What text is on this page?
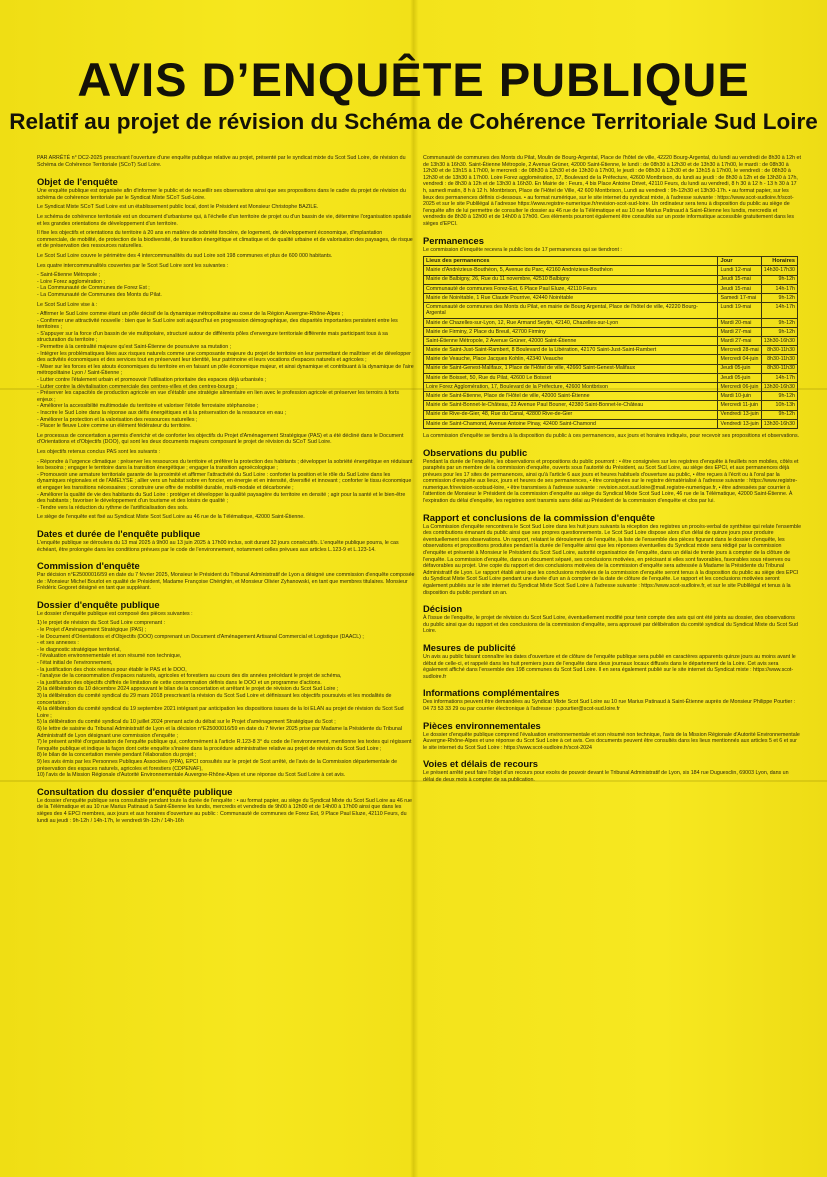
AVIS D’ENQUÊTE PUBLIQUE
Relatif au projet de révision du Schéma de Cohérence Territoriale Sud Loire

PAR ARRÊTÉ n° DC2-2025 prescrivant l'ouverture d'une enquête publique relative au projet, présenté par le syndicat mixte du Scot Sud Loire, de révision du Schéma de Cohérence Territoriale (SCoT) Sud Loire.

Objet de l'enquête

Une enquête publique est organisée afin d'informer le public et de recueillir ses observations ainsi que ses propositions dans le cadre du projet de révision du schéma de cohérence territoriale par le Syndicat Mixte SCoT Sud-Loire.

Le Syndicat Mixte SCoT Sud Loire est un établissement public local, dont le Président est Monsieur Christophe BAZILE.

Le schéma de cohérence territoriale est un document d'urbanisme qui, à l'échelle d'un territoire de projet ou d'un bassin de vie, détermine l'organisation spatiale et les grandes orientations de développement d'un territoire.

Il fixe les objectifs et orientations du territoire à 20 ans en matière de sobriété foncière, de logement, de développement économique, d'implantation commerciale, de mobilité, de protection de la biodiversité, de transition énergétique et climatique et de qualité urbaine et de valorisation des paysages, de risque et de préservation des ressources naturelles.

Le Scot Sud Loire couvre le périmètre des 4 intercommunalités du sud Loire soit 198 communes et plus de 600 000 habitants.

Les quatre intercommunalités couvertes par le Scot Sud Loire sont les suivantes :

- Saint-Étienne Métropole ;
- Loire Forez agglomération ;
- La Communauté de Communes de Forez Est ;
- La Communauté de Communes des Monts du Pilat.

Le Scot Sud Loire vise à :

- Affirmer le Sud Loire comme étant un pôle décisif de la dynamique métropolitaine au coeur de la Région Auvergne-Rhône-Alpes ;
- Confirmer une attractivité nouvelle : bien que le Sud Loire soit aujourd'hui en progression démographique, des disparités importantes persistent entre les territoires ;
- S'appuyer sur la force d'un bassin de vie multipolaire, structuré autour de différents pôles d'envergure territoriale différente mais participant tous à sa structuration du territoire ;
- Permettre à la centralité majeure qu'est Saint-Étienne de poursuivre sa mutation ;
- Intégrer les problématiques liées aux risques naturels comme une composante majeure du projet de territoire en leur permettant de maîtriser et de développer des activités économiques et des services tout en préservant leur identité, leur patrimoine et leurs vocations d'espaces naturels et agricoles ;
- Miser sur les forces et les atouts économiques du territoire en en faisant un pôle économique majeur, et ainsi dynamique et contribuant à la dynamique de l'aire métropolitaine Lyon / Saint-Étienne ;
- Lutter contre l'étalement urbain et promouvoir l'utilisation prioritaire des espaces déjà urbanisés ;
- Lutter contre la dévitalisation commerciale des centres-villes et des centres-bourgs ;
- Préserver les capacités de production agricole en vue d'établir une stratégie alimentaire en lien avec le profession agricole et préserver les terroirs à forts enjeux ;
- Améliorer la accessibilité multimodale du territoire et valoriser l'étoile ferroviaire stéphanoise ;
- Inscrire le Sud Loire dans la réponse aux défis énergétiques et à la préservation de la ressource en eau ;
- Améliorer la protection et la valorisation des ressources naturelles ;
- Placer le fleuve Loire comme un élément fédérateur du territoire.

Le processus de concertation a permis d'enrichir et de conforter les objectifs du Projet d'Aménagement Stratégique (PAS) et a été décliné dans le Document d'Orientations et d'Objectifs (DOO), qui sont les deux documents majeurs composant le projet de révision du SCoT Sud Loire.

Les objectifs retenus conclus PAS sont les suivants :

- Répondre à l'urgence climatique : préserver les ressources du territoire et préférer la protection des habitants ; développer la sobriété énergétique en réduisant les besoins ; engager le territoire dans la transition énergétique ; engager la transition agroécologique ;
- Promouvoir une armature territoriale garante de la proximité et affirmer l'attractivité du Sud Loire : conforter la position et le rôle du Sud Loire dans les dynamiques régionales et de l'AMELYSE ; allier vers un habitat sobre en foncier, en énergie et en intensité, diversifié et innovant ; conforter le tissu économique et engager les transitions nécessaires ; construire une offre de mobilité durable, multi-modale et décarbonée ;
- Améliorer la qualité de vie des habitants du Sud Loire : protéger et développer la qualité paysagère du territoire en densité ; agir pour la santé et le bien-être des habitants ; favoriser le développement d'un tourisme et des loisirs de qualité ;
- Tendre vers la réduction du rythme de l'artificialisation des sols.

Le siège de l'enquête est fixé au Syndicat Mixte Scot Sud Loire au 46 rue de la Télématique, 42000 Saint-Étienne.

Dates et durée de l'enquête publique

L'enquête publique se déroulera du 13 mai 2025 à 9h00 au 13 juin 2025 à 17h00 inclus, soit durant 32 jours consécutifs. L'enquête publique pourra, le cas échéant, être prolongée dans les conditions prévues par le code de l'environnement, notamment celles prévues aux articles L.123-9 et L.123-14.

Commission d'enquête

Par décision n°E25000016/59 en date du 7 février 2025, Monsieur le Président du Tribunal Administratif de Lyon a désigné une commission d'enquête composée de : Monsieur Michel Bourlot en qualité de Président, Madame Françoise Chérighin, et Monsieur Olivier Zyhanowski, en tant que membres titulaires. Monsieur Frédéric Gogoret désigné en tant que suppléant.

Dossier d'enquête publique

Le dossier d'enquête publique est composé des pièces suivantes :

1) le projet de révision du Scot Sud Loire comprenant :
- le Projet d'Aménagement Stratégique (PAS) ;
- le Document d'Orientations et d'Objectifs (DOO) comprenant un Document d'Aménagement Artisanal Commercial et Logistique (DAACL) ;
- et ses annexes :
- le diagnostic stratégique territorial,
- l'évaluation environnementale et son résumé non technique,
- l'état initial de l'environnement,
- la justification des choix retenus pour établir le PAS et le DOO,
- l'analyse de la consommation d'espaces naturels, agricoles et forestiers au cours des dix années précédant le projet de schéma,
- la justification des objectifs chiffrés de limitation de cette consommation définis dans le DOO et un programme d'actions.
2) la délibération du 10 décembre 2024 approuvant le bilan de la concertation et arrêtant le projet de révision du Scot Sud Loire ;
3) la délibération du comité syndical du 29 mars 2018 prescrivant la révision du Scot Sud Loire et définissant les objectifs poursuivis et les modalités de concertation ;
4) la délibération du comité syndical du 19 septembre 2021 intégrant par anticipation les dispositions issues de la loi ELAN au projet de révision du Scot Sud Loire ;
5) la délibération du comité syndical du 10 juillet 2024 prenant acte du débat sur le Projet d'aménagement Stratégique du Scot ;
6) le lettre de saisine du Tribunal Administratif de Lyon et la décision n°E25000016/59 en date du 7 février 2025 prise par Madame la Présidente du Tribunal Administratif de Lyon désignant une commission d'enquête ;
7) le présent arrêté d'organisation de l'enquête publique qui, conformément à l'article R.123-8 3° du code de l'environnement, mentionne les textes qui régissent l'enquête publique et indique la façon dont cette enquête s'insère dans la procédure administrative relative au projet de révision du Scot Sud Loire ;
8) le bilan de la concertation menée pendant l'élaboration du projet ;
9) les avis émis par les Personnes Publiques Associées (PPA), EPCI consultés sur le projet de Scot arrêté, de l'avis de la Commission départementale de préservation des espaces naturels, agricoles et forestiers (CDPENAF),
10) l'avis de la Mission Régionale d'Autorité Environnementale Auvergne-Rhône-Alpes et une réponse du Scot Sud Loire à cet avis.
Consultation du dossier d'enquête publique

Le dossier d'enquête publique sera consultable pendant toute la durée de l'enquête : • au format papier, au siège du Syndicat Mixte du Scot Sud Loire au 46 rue de la Télématique et au 10 rue Marius Patinaud à Saint-Étienne les lundis, mercredis et vendredis de 9h00 à 12h00 et de 14h00 à 17h00 ainsi que dans les sièges des 4 EPCI membres, aux jours et aux horaires d'ouverture au public : Communauté de communes de Forez Est, 9 Place Paul Eluze, 42110 Feurs, du lundi au jeudi : 9h-12h / 14h-17h, le vendredi 9h-12h / 14h-16h

Communauté de communes des Monts du Pilat, Moulin de Bourg-Argental, Place de l'hôtel de ville, 42220 Bourg-Argental, du lundi au vendredi de 8h30 à 12h et de 13h30 à 16h30. Saint-Étienne Métropole, 2 Avenue Grüner, 42000 Saint-Étienne, le lundi : de 08h30 à 12h30 et de 13h30 à 17h00, le mardi : de 08h30 à 12h30 et de 13h15 à 17h00, le mercredi : de 08h30 à 12h30 et de 13h30 à 17h00, le jeudi : de 08h30 à 12h30 et de 13h15 à 17h00, le vendredi : de 08h30 à 12h30 et de 13h30 à 17h00. Loire Forez agglomération, 17, Boulevard de la Préfecture, 42600 Montbrison, du lundi au jeudi : de 8h30 à 12h et de 13h30 à 17h, vendredi : de 8h30 à 12h et de 13h30 à 16h30. En Mairie de : Feurs, 4 bis Place Antoine Drivet, 42110 Feurs, du lundi au vendredi, 8 h 30 à 12 h - 13 h 30 à 17 h, samedi matin, 8 h à 12 h. Montbrison, Place de l'Hôtel de Ville, 42 600 Montbrison, Lundi au vendredi : 9h-12h30 et 13h30-17h. • au format papier, sur les lieux des permanences définis ci-dessous. • au format numérique, sur le site internet du syndicat mixte, à l'adresse suivante : https://www.scot-sudloire.fr/scot-2025 et sur le site Publilégal à l'adresse https://www.registre-numerique.fr/revision-scot-sud-loire. Un ordinateur sera tenu à disposition du public au siège de l'enquête afin de lui permettre de consulter le dossier au 46 rue de la Télématique et au 10 rue Marius Patinaud à Saint-Étienne les lundis, mercredis et vendredis de 8h30 à 12h00 et de 14h00 à 17h00. Ces éléments pourront également être consultés sur un poste informatique accessible gratuitement dans les sièges d'EPCI.

Permanences

Le commission d'enquête recevra le public lors de 17 permanences qui se tiendront :

Lieux des permanences	Jour	Horaires
Mairie d'Andrézieux-Bouthéon, 5, Avenue du Parc, 42160 Andrézieux-Bouthéon	Lundi 12-mai	14h30-17h30
Mairie de Balbigny, 26, Rue du 11 novembre, 42510 Balbigny	Jeudi 15-mai	9h-12h
Communauté de communes Forez-Est, 6 Place Paul Eluze, 42110 Feurs	Jeudi 15-mai	14h-17h
Mairie de Noirétable, 1 Rue Claude Pourrive, 42440 Noirétable	Samedi 17-mai	9h-12h
Communauté de communes des Monts du Pilat, en mairie de Bourg Argental, Place de l'hôtel de ville, 42220 Bourg-Argental	Lundi 19-mai	14h-17h
Mairie de Chazelles-sur-Lyon, 12, Rue Armand Seytin, 42140, Chazelles-sur-Lyon	Mardi 20-mai	9h-12h
Mairie de Firminy, 2 Place du Breuil, 42700 Firminy	Mardi 27-mai	9h-12h
Saint-Étienne Métropole, 2 Avenue Grüner, 42000 Saint-Étienne	Mardi 27-mai	13h30-16h30
Mairie de Saint-Just-Saint-Rambert, 8 Boulevard de la Libération, 42170 Saint-Just-Saint-Rambert	Mercredi 28-mai	8h30-11h30
Mairie de Veauche, Place Jacques Kohlin, 42340 Veauche	Mercredi 04-juin	8h30-11h30
Mairie de Saint-Genest-Malifaux, 1 Place de l'Hôtel de ville, 42660 Saint-Genest-Malifaux	Jeudi 05-juin	8h30-11h30
Mairie de Boisset, 50, Rue du Pilat, 42600 Le Boisset	Jeudi 05-juin	14h-17h
Loire Forez Agglomération, 17, Boulevard de la Préfecture, 42600 Montbrison	Mercredi 06-juin	13h30-16h30
Mairie de Saint-Étienne, Place de l'Hôtel de ville, 42000 Saint-Étienne	Mardi 10-juin	9h-12h
Mairie de Saint-Bonnet-le-Château, 23 Avenue Paul Bouner, 42380 Saint-Bonnet-le-Château	Mercredi 11-juin	10h-13h
Mairie de Rive-de-Gier, 48, Rue du Canal, 42800 Rive-de-Gier	Vendredi 13-juin	9h-12h
Mairie de Saint-Chamond, Avenue Antoine Pinay, 42400 Saint-Chamond	Vendredi 13-juin	13h30-16h30

La commission d'enquête se tiendra à la disposition du public à ces permanences, aux jours et horaires indiqués, pour recevoir ses propositions et observations.

Observations du public

Pendant la durée de l'enquête, les observations et propositions du public pourront : • être consignées sur les registres d'enquête à feuillets non mobiles, côtés et paraphés par un membre de la commission d'enquête, ouverts sous l'autorité du Président, au Scot Sud Loire, au siège des EPCI, et aux permanences déjà prévues pour les 17 sites de permanences, ainsi qu'à l'article 6 aux jours et heures habituels d'ouverture au public, • être reçues à l'écrit ou à l'oral par la commission d'enquête aux lieux, jours et heures de ses permanences, • être consignées sur le registre dématérialisé à l'adresse suivante : https://www.registre-numerique.fr/revision-scotsud-loire, • être transmises à l'adresse suivante : revision.scot.sud.loire@mail.registre-numerique.fr, • être adressées par courrier à l'attention de Monsieur le Président de la commission d'enquête au siège du Syndicat Mixte Scot Sud Loire, 46 rue de la Télématique, 42000 Saint-Étienne. À l'expiration du délai d'enquête, les registres sont transmis sans délai au Président de la commission d'enquête et clos par lui.

Rapport et conclusions de la commission d'enquête

La Commission d'enquête rencontrera le Scot Sud Loire dans les huit jours suivants la réception des registres un procès-verbal de synthèse qui relate l'ensemble des contributions émanant du public ainsi que ses propres questionnements. Le Scot Sud Loire dispose alors d'un délai de quinze jours pour produire éventuellement ses observations. Un rapport, relatant le déroulement de l'enquête, la liste de l'ensemble des pièces figurant dans le dossier d'enquête, les observations et propositions produites pendant la durée de l'enquête ainsi que les réponses éventuelles du Syndicat mixte sera rédigé par la commission d'enquête et présenté à Monsieur le Président du Scot Sud Loire, autorité organisatrice de l'enquête, dans un délai de trente jours à compter de la clôture de l'enquête. La commission d'enquête, dans un document séparé, ses conclusions motivées, en précisant si elles sont favorables, favorables sous réserves ou défavorables au projet. Une copie du rapport et des conclusions motivées de la commission d'enquête sera adressée à Madame la Présidente du Tribunal Administratif de Lyon. Le rapport établi ainsi que les conclusions motivées de la commission d'enquête seront tenus à la disposition du public au siège des EPCI du Syndicat Mixte Scot Sud Loire pendant une durée d'un an à compter de la date de clôture de l'enquête. Le rapport et les conclusions motivées seront également publiés sur le site internet du Syndicat Mixte Scot Sud Loire à l'adresse suivante : https://www.scot-sudloire.fr, et sur le site Publilégal et tenus à la disposition du public pendant un an.

Décision

À l'issue de l'enquête, le projet de révision du Scot Sud Loire, éventuellement modifié pour tenir compte des avis qui ont été joints au dossier, des observations du public ainsi que du rapport et des conclusions de la commission d'enquête, sera approuvé par délibération du comité syndical du Syndicat Mixte du Scot Sud Loire.

Mesures de publicité

Un avis au public faisant connaître les dates d'ouverture et de clôture de l'enquête publique sera publié en caractères apparents quinze jours au moins avant le début de celle-ci, et rappelé dans les huit premiers jours de l'enquête dans deux journaux locaux diffusés dans le département de la Loire. Cet avis sera également affiché dans l'ensemble des 198 communes du Scot Sud Loire. Il en sera également publié sur le site internet du Syndicat mixte : https://www.scot-sudloire.fr

Informations complémentaires

Des informations peuvent être demandées au Syndicat Mixte Scot Sud Loire au 10 rue Marius Patinaud à Saint-Étienne auprès de Monsieur Philippe Pourtier : 04 73 53 33 29 ou par courrier électronique à l'adresse : p.pourtier@scot-sud.loire.fr

Pièces environnementales

Le dossier d'enquête publique comprend l'évaluation environnementale et son résumé non technique, l'avis de la Mission Régionale d'Autorité Environnementale Auvergne-Rhône-Alpes et une réponse du Scot Sud Loire à cet avis. Ces documents peuvent être consultés dans les lieux mentionnés aux articles 5 et 6 et sur le site internet du Scot Sud Loire : https://www.scot-sudloire.fr/scot-2024

Voies et délais de recours

Le présent arrêté peut faire l'objet d'un recours pour excès de pouvoir devant le Tribunal Administratif de Lyon, sis 184 rue Duguesclin, 69003 Lyon, dans un délai de deux mois à compter de sa publication.
